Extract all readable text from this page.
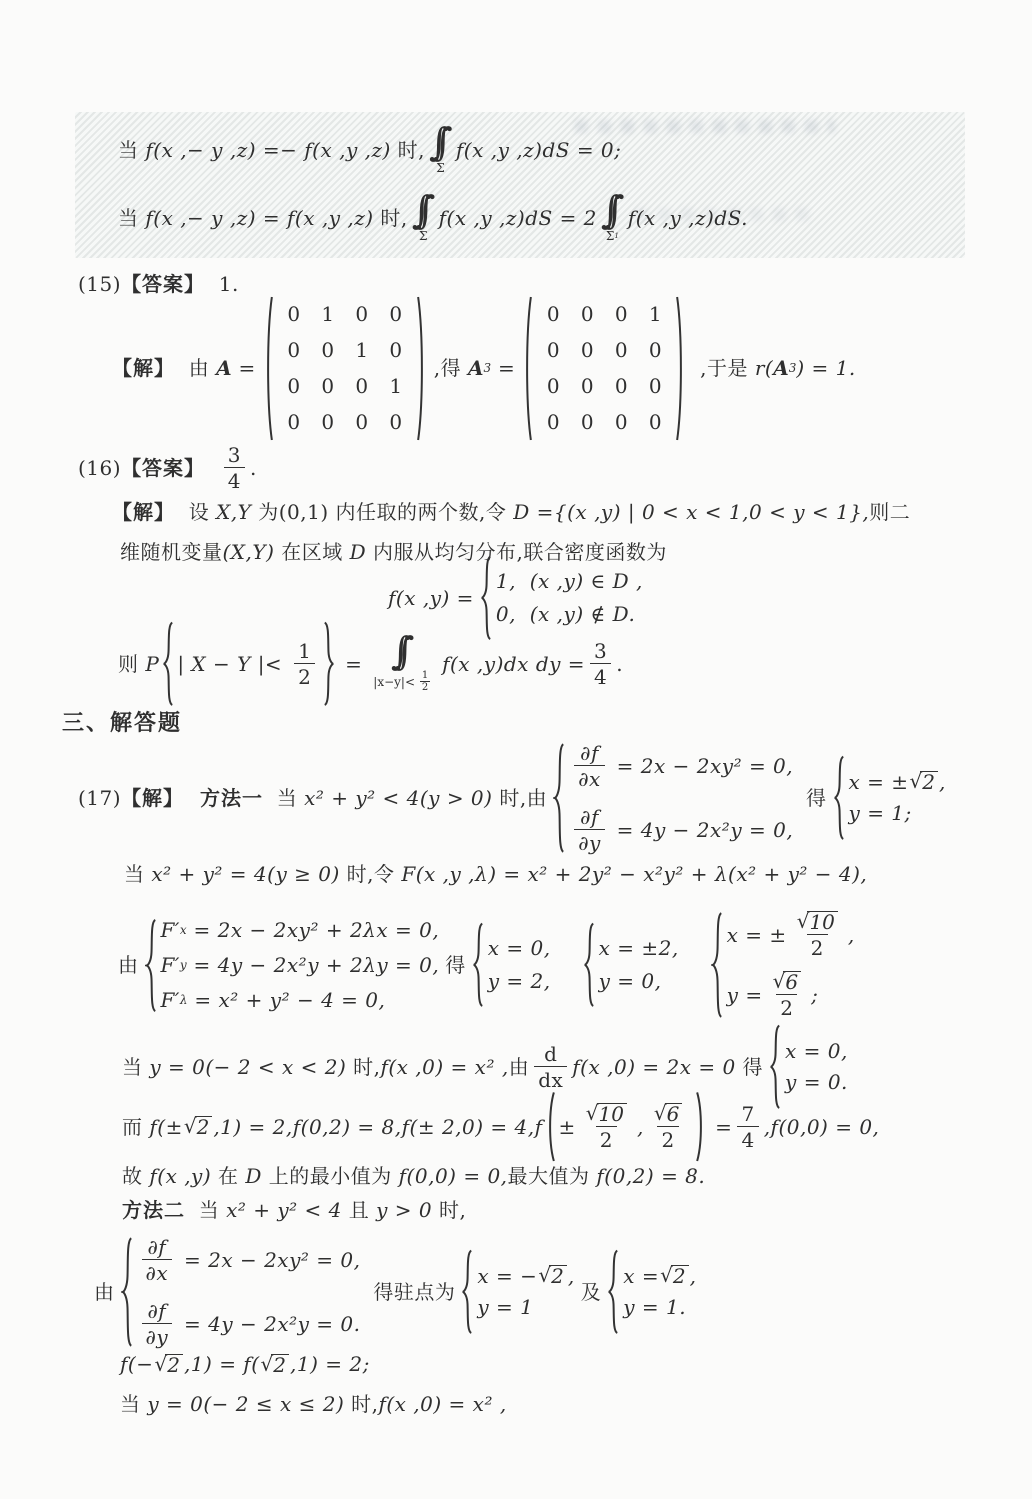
当 f(x ,− y ,z) =− f(x ,y ,z) 时, ∫∫
Σ
f(x ,y ,z)dS = 0;
当 f(x ,− y ,z) = f(x ,y ,z) 时, ∫∫
Σ
f(x ,y ,z)dS = 2 ∫∫
Σ 1
f(x ,y ,z)dS.
(15) 【答案】 1.
【解】 由 A =
0 1 0 0
0 0 1 0
0 0 0 1
0 0 0 0
,得 A 3 =
0 0 0 1
0 0 0 0
0 0 0 0
0 0 0 0
,于是 r( A 3 ) = 1.
(16) 【答案】
$\frac{3}{4}$ .
【解】 设 X,Y 为 (0,1) 内任取的两个数,令 D ={(x ,y) | 0 < x < 1,0 < y < 1}, 则二
维随机变量 (X,Y) 在区域 D 内服从均匀分布,联合密度函数为
f(x ,y) =
1,  (x ,y) ∈ D ,
0,  (x ,y) ∉ D.
则 P | X − Y |< $\frac{1}{2}$ = ∫∫
$|x-y|< \frac{1}{2}$
f(x ,y)dx dy = $\frac{3}{4}$ .
三、解答题
(17) 【解】 方法一 当 x² + y² < 4(y > 0) 时,由
$\frac{\partial f}{\partial x} = 2x - 2xy^2 = 0$,
$\frac{\partial f}{\partial y} = 4y - 2x^2y = 0$,
得
x = ± √ 2 ,
y = 1;
当 x² + y² = 4(y ≥ 0) 时,令 F(x ,y ,λ) = x² + 2y² − x²y² + λ(x² + y² − 4),
由
F′ x = 2x − 2xy² + 2λx = 0,
F′ y = 4y − 2x²y + 2λy = 0,
F′ λ = x² + y² − 4 = 0,
得
x = 0,
y = 2,
x = ±2,
y = 0,
x = ± $\frac{√ 10}{2}$ ,
$y = \frac{√ 6}{2}$ ;
当 y = 0(− 2 < x < 2) 时, f(x ,0) = x² , 由 $\frac{d}{dx} f(x$ ,0) = 2x = 0 得
x = 0,
y = 0.
而 f(± √ 2 $,1) = 2,f(0,2) = 8,f(\pm 2,0) = 4,f \pm \frac{√ 10}{2}$ , $\frac{√ 6}{2} = \frac{7}{4} ,f(0,0) = 0$,
故 f(x ,y) 在 D 上的最小值为 f(0,0) = 0, 最大值为 f(0,2) = 8.
方法二 当 x² + y² < 4 且 y > 0 时,
由
$\frac{\partial f}{\partial x} = 2x - 2xy^2 = 0$,
$\frac{\partial f}{\partial y} = 4y - 2x^2y = 0$.
得驻点为
x = − √ 2 ,
y = 1
及
x = √ 2 ,
y = 1.
f(− √ 2 ,1) = f( √ 2 ,1) = 2;
当 y = 0(− 2 ≤ x ≤ 2) 时, f(x ,0) = x² ,
